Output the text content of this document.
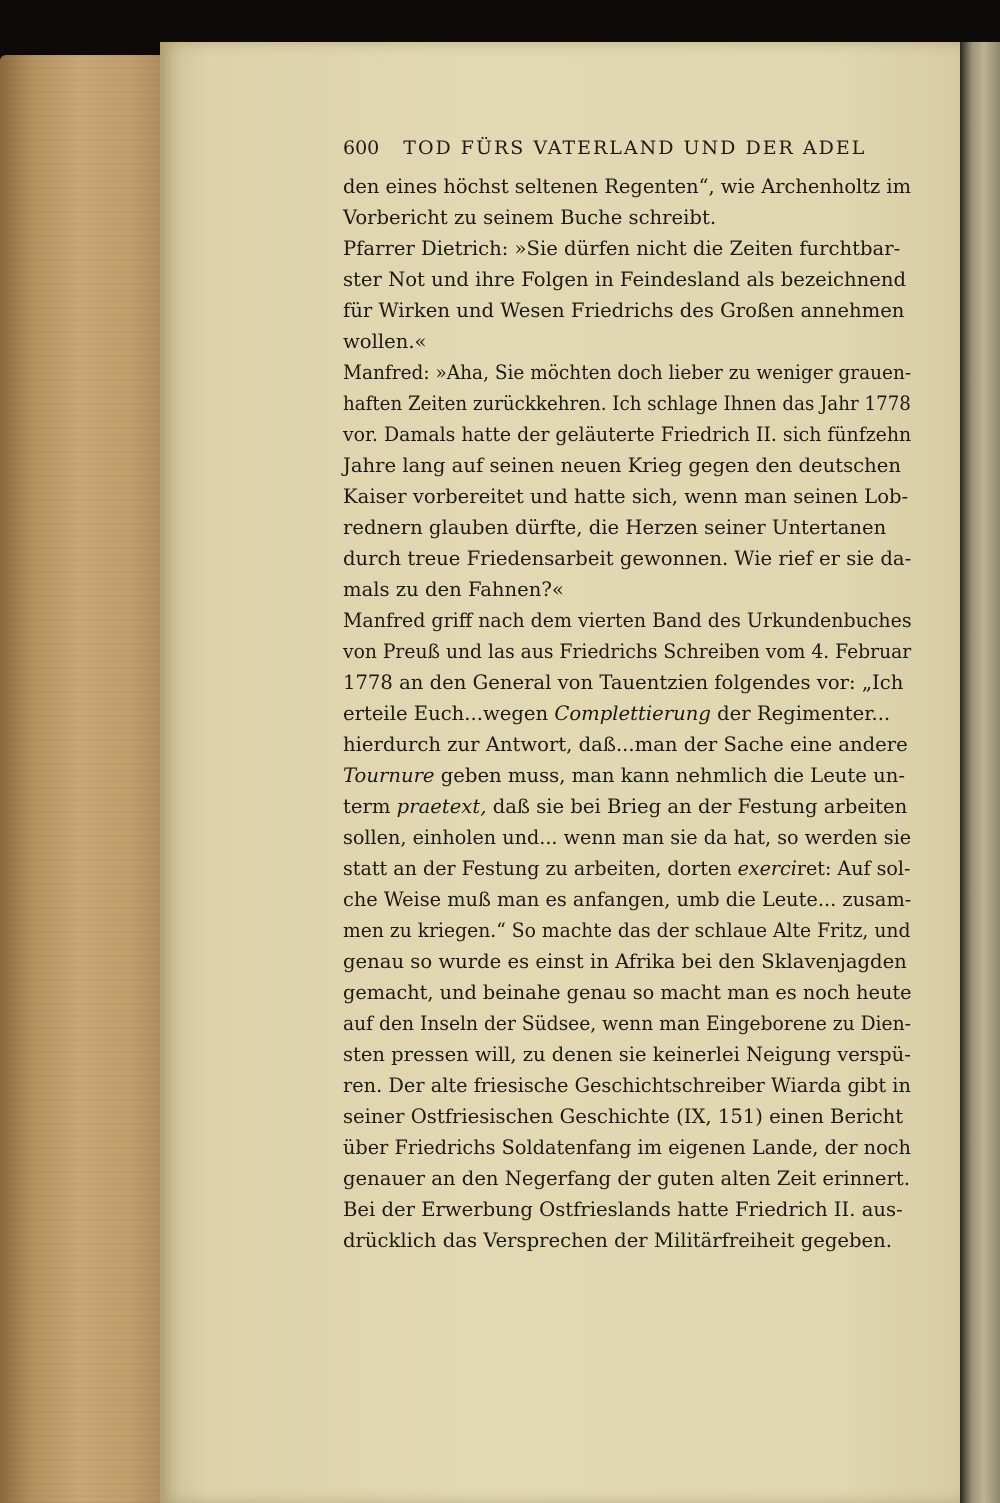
600 TOD FÜRS VATERLAND UND DER ADEL
den eines höchst seltenen Regenten“, wie Archenholtz im
Vorbericht zu seinem Buche schreibt.
Pfarrer Dietrich: »Sie dürfen nicht die Zeiten furchtbar-
ster Not und ihre Folgen in Feindesland als bezeichnend
für Wirken und Wesen Friedrichs des Großen annehmen
wollen.«
Manfred: »Aha, Sie möchten doch lieber zu weniger grauen-
haften Zeiten zurückkehren. Ich schlage Ihnen das Jahr 1778
vor. Damals hatte der geläuterte Friedrich II. sich fünfzehn
Jahre lang auf seinen neuen Krieg gegen den deutschen
Kaiser vorbereitet und hatte sich, wenn man seinen Lob-
rednern glauben dürfte, die Herzen seiner Untertanen
durch treue Friedensarbeit gewonnen. Wie rief er sie da-
mals zu den Fahnen?«
Manfred griff nach dem vierten Band des Urkundenbuches
von Preuß und las aus Friedrichs Schreiben vom 4. Februar
1778 an den General von Tauentzien folgendes vor: „Ich
erteile Euch...wegen Complettierung der Regimenter...
hierdurch zur Antwort, daß...man der Sache eine andere
Tournure geben muss, man kann nehmlich die Leute un-
term praetext, daß sie bei Brieg an der Festung arbeiten
sollen, einholen und... wenn man sie da hat, so werden sie
statt an der Festung zu arbeiten, dorten exerciret: Auf sol-
che Weise muß man es anfangen, umb die Leute... zusam-
men zu kriegen.“ So machte das der schlaue Alte Fritz, und
genau so wurde es einst in Afrika bei den Sklavenjagden
gemacht, und beinahe genau so macht man es noch heute
auf den Inseln der Südsee, wenn man Eingeborene zu Dien-
sten pressen will, zu denen sie keinerlei Neigung verspü-
ren. Der alte friesische Geschichtschreiber Wiarda gibt in
seiner Ostfriesischen Geschichte (IX, 151) einen Bericht
über Friedrichs Soldatenfang im eigenen Lande, der noch
genauer an den Negerfang der guten alten Zeit erinnert.
Bei der Erwerbung Ostfrieslands hatte Friedrich II. aus-
drücklich das Versprechen der Militärfreiheit gegeben.
